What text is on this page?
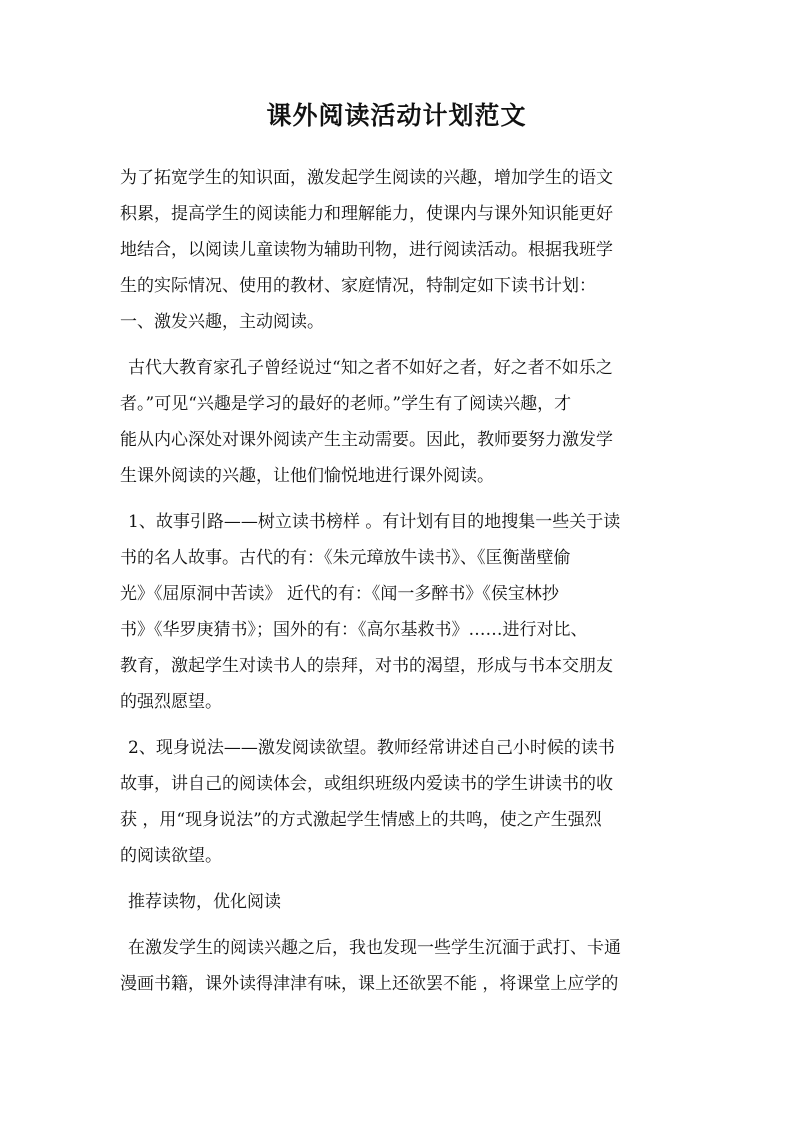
课外阅读活动计划范文
为了拓宽学生的知识面，激发起学生阅读的兴趣，增加学生的语文
积累，提高学生的阅读能力和理解能力，使课内与课外知识能更好
地结合，以阅读儿童读物为辅助刊物，进行阅读活动。根据我班学
生的实际情况、使用的教材、家庭情况，特制定如下读书计划：
一、激发兴趣，主动阅读。
古代大教育家孔子曾经说过“知之者不如好之者，好之者不如乐之
者。”可见“兴趣是学习的最好的老师。”学生有了阅读兴趣，才
能从内心深处对课外阅读产生主动需要。因此，教师要努力激发学
生课外阅读的兴趣，让他们愉悦地进行课外阅读。
1、故事引路——树立读书榜样 。有计划有目的地搜集一些关于读
书的名人故事。古代的有：《朱元璋放牛读书》、《匡衡凿壁偷
光》《屈原洞中苦读》 近代的有：《闻一多醉书》《侯宝林抄
书》《华罗庚猜书》；国外的有：《高尔基救书》……进行对比、
教育，激起学生对读书人的崇拜，对书的渴望，形成与书本交朋友
的强烈愿望。
2、现身说法——激发阅读欲望。教师经常讲述自己小时候的读书
故事，讲自己的阅读体会，或组织班级内爱读书的学生讲读书的收
获 ，用“现身说法”的方式激起学生情感上的共鸣，使之产生强烈
的阅读欲望。
推荐读物，优化阅读
在激发学生的阅读兴趣之后，我也发现一些学生沉湎于武打、卡通
漫画书籍，课外读得津津有味，课上还欲罢不能 ，将课堂上应学的
